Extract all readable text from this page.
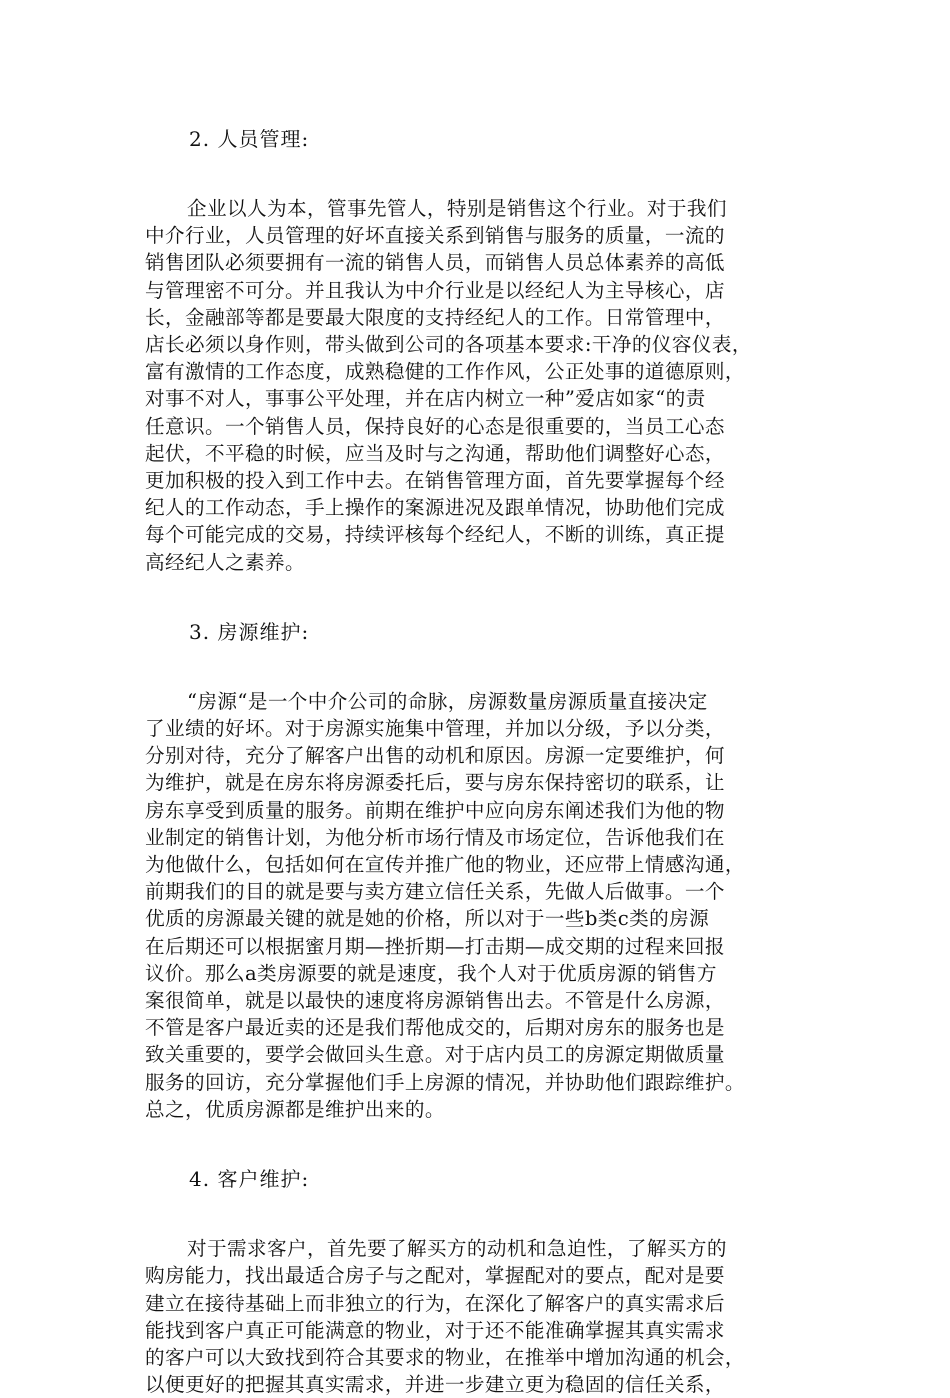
2. 人员管理:

企业以人为本，管事先管人，特别是销售这个行业。对于我们
中介行业，人员管理的好坏直接关系到销售与服务的质量，一流的
销售团队必须要拥有一流的销售人员，而销售人员总体素养的高低
与管理密不可分。并且我认为中介行业是以经纪人为主导核心，店
长，金融部等都是要最大限度的支持经纪人的工作。日常管理中，
店长必须以身作则，带头做到公司的各项基本要求:干净的仪容仪表，
富有激情的工作态度，成熟稳健的工作作风，公正处事的道德原则，
对事不对人，事事公平处理，并在店内树立一种”爱店如家“的责
任意识。一个销售人员，保持良好的心态是很重要的，当员工心态
起伏，不平稳的时候，应当及时与之沟通，帮助他们调整好心态，
更加积极的投入到工作中去。在销售管理方面，首先要掌握每个经
纪人的工作动态，手上操作的案源进况及跟单情况，协助他们完成
每个可能完成的交易，持续评核每个经纪人，不断的训练，真正提
高经纪人之素养。

3. 房源维护:

“房源“是一个中介公司的命脉，房源数量房源质量直接决定
了业绩的好坏。对于房源实施集中管理，并加以分级，予以分类，
分别对待，充分了解客户出售的动机和原因。房源一定要维护，何
为维护，就是在房东将房源委托后，要与房东保持密切的联系，让
房东享受到质量的服务。前期在维护中应向房东阐述我们为他的物
业制定的销售计划，为他分析市场行情及市场定位，告诉他我们在
为他做什么，包括如何在宣传并推广他的物业，还应带上情感沟通，
前期我们的目的就是要与卖方建立信任关系，先做人后做事。一个
优质的房源最关键的就是她的价格，所以对于一些b类c类的房源
在后期还可以根据蜜月期—挫折期—打击期—成交期的过程来回报
议价。那么a类房源要的就是速度，我个人对于优质房源的销售方
案很简单，就是以最快的速度将房源销售出去。不管是什么房源，
不管是客户最近卖的还是我们帮他成交的，后期对房东的服务也是
致关重要的，要学会做回头生意。对于店内员工的房源定期做质量
服务的回访，充分掌握他们手上房源的情况，并协助他们跟踪维护。
总之，优质房源都是维护出来的。

4. 客户维护:

对于需求客户，首先要了解买方的动机和急迫性，了解买方的
购房能力，找出最适合房子与之配对，掌握配对的要点，配对是要
建立在接待基础上而非独立的行为，在深化了解客户的真实需求后
能找到客户真正可能满意的物业，对于还不能准确掌握其真实需求
的客户可以大致找到符合其要求的物业，在推举中增加沟通的机会，
以便更好的把握其真实需求，并进一步建立更为稳固的信任关系，
